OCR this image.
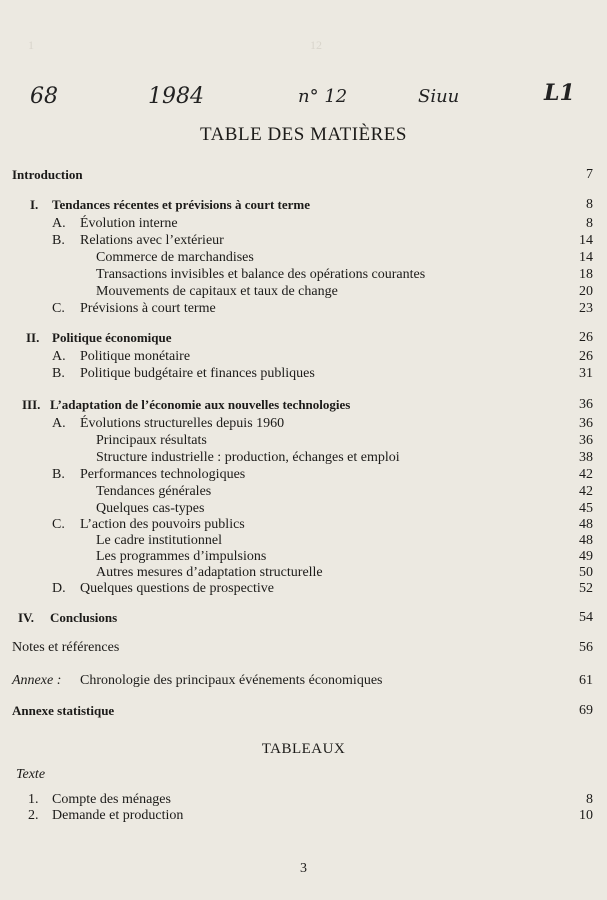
1                                                                                            12
68	1984	n° 12	Siuu	L1
TABLE DES MATIÈRES
Introduction	7
I. Tendances récentes et prévisions à court terme	8
A. Évolution interne	8
B. Relations avec l’extérieur	14
Commerce de marchandises	14
Transactions invisibles et balance des opérations courantes	18
Mouvements de capitaux et taux de change	20
C. Prévisions à court terme	23
II. Politique économique	26
A. Politique monétaire	26
B. Politique budgétaire et finances publiques	31
III. L’adaptation de l’économie aux nouvelles technologies	36
A. Évolutions structurelles depuis 1960	36
Principaux résultats	36
Structure industrielle : production, échanges et emploi	38
B. Performances technologiques	42
Tendances générales	42
Quelques cas-types	45
C. L’action des pouvoirs publics	48
Le cadre institutionnel	48
Les programmes d’impulsions	49
Autres mesures d’adaptation structurelle	50
D. Quelques questions de prospective	52
IV. Conclusions	54
Notes et références	56
Annexe : Chronologie des principaux événements économiques	61
Annexe statistique	69
TABLEAUX
Texte
1. Compte des ménages	8
2. Demande et production	10
3
